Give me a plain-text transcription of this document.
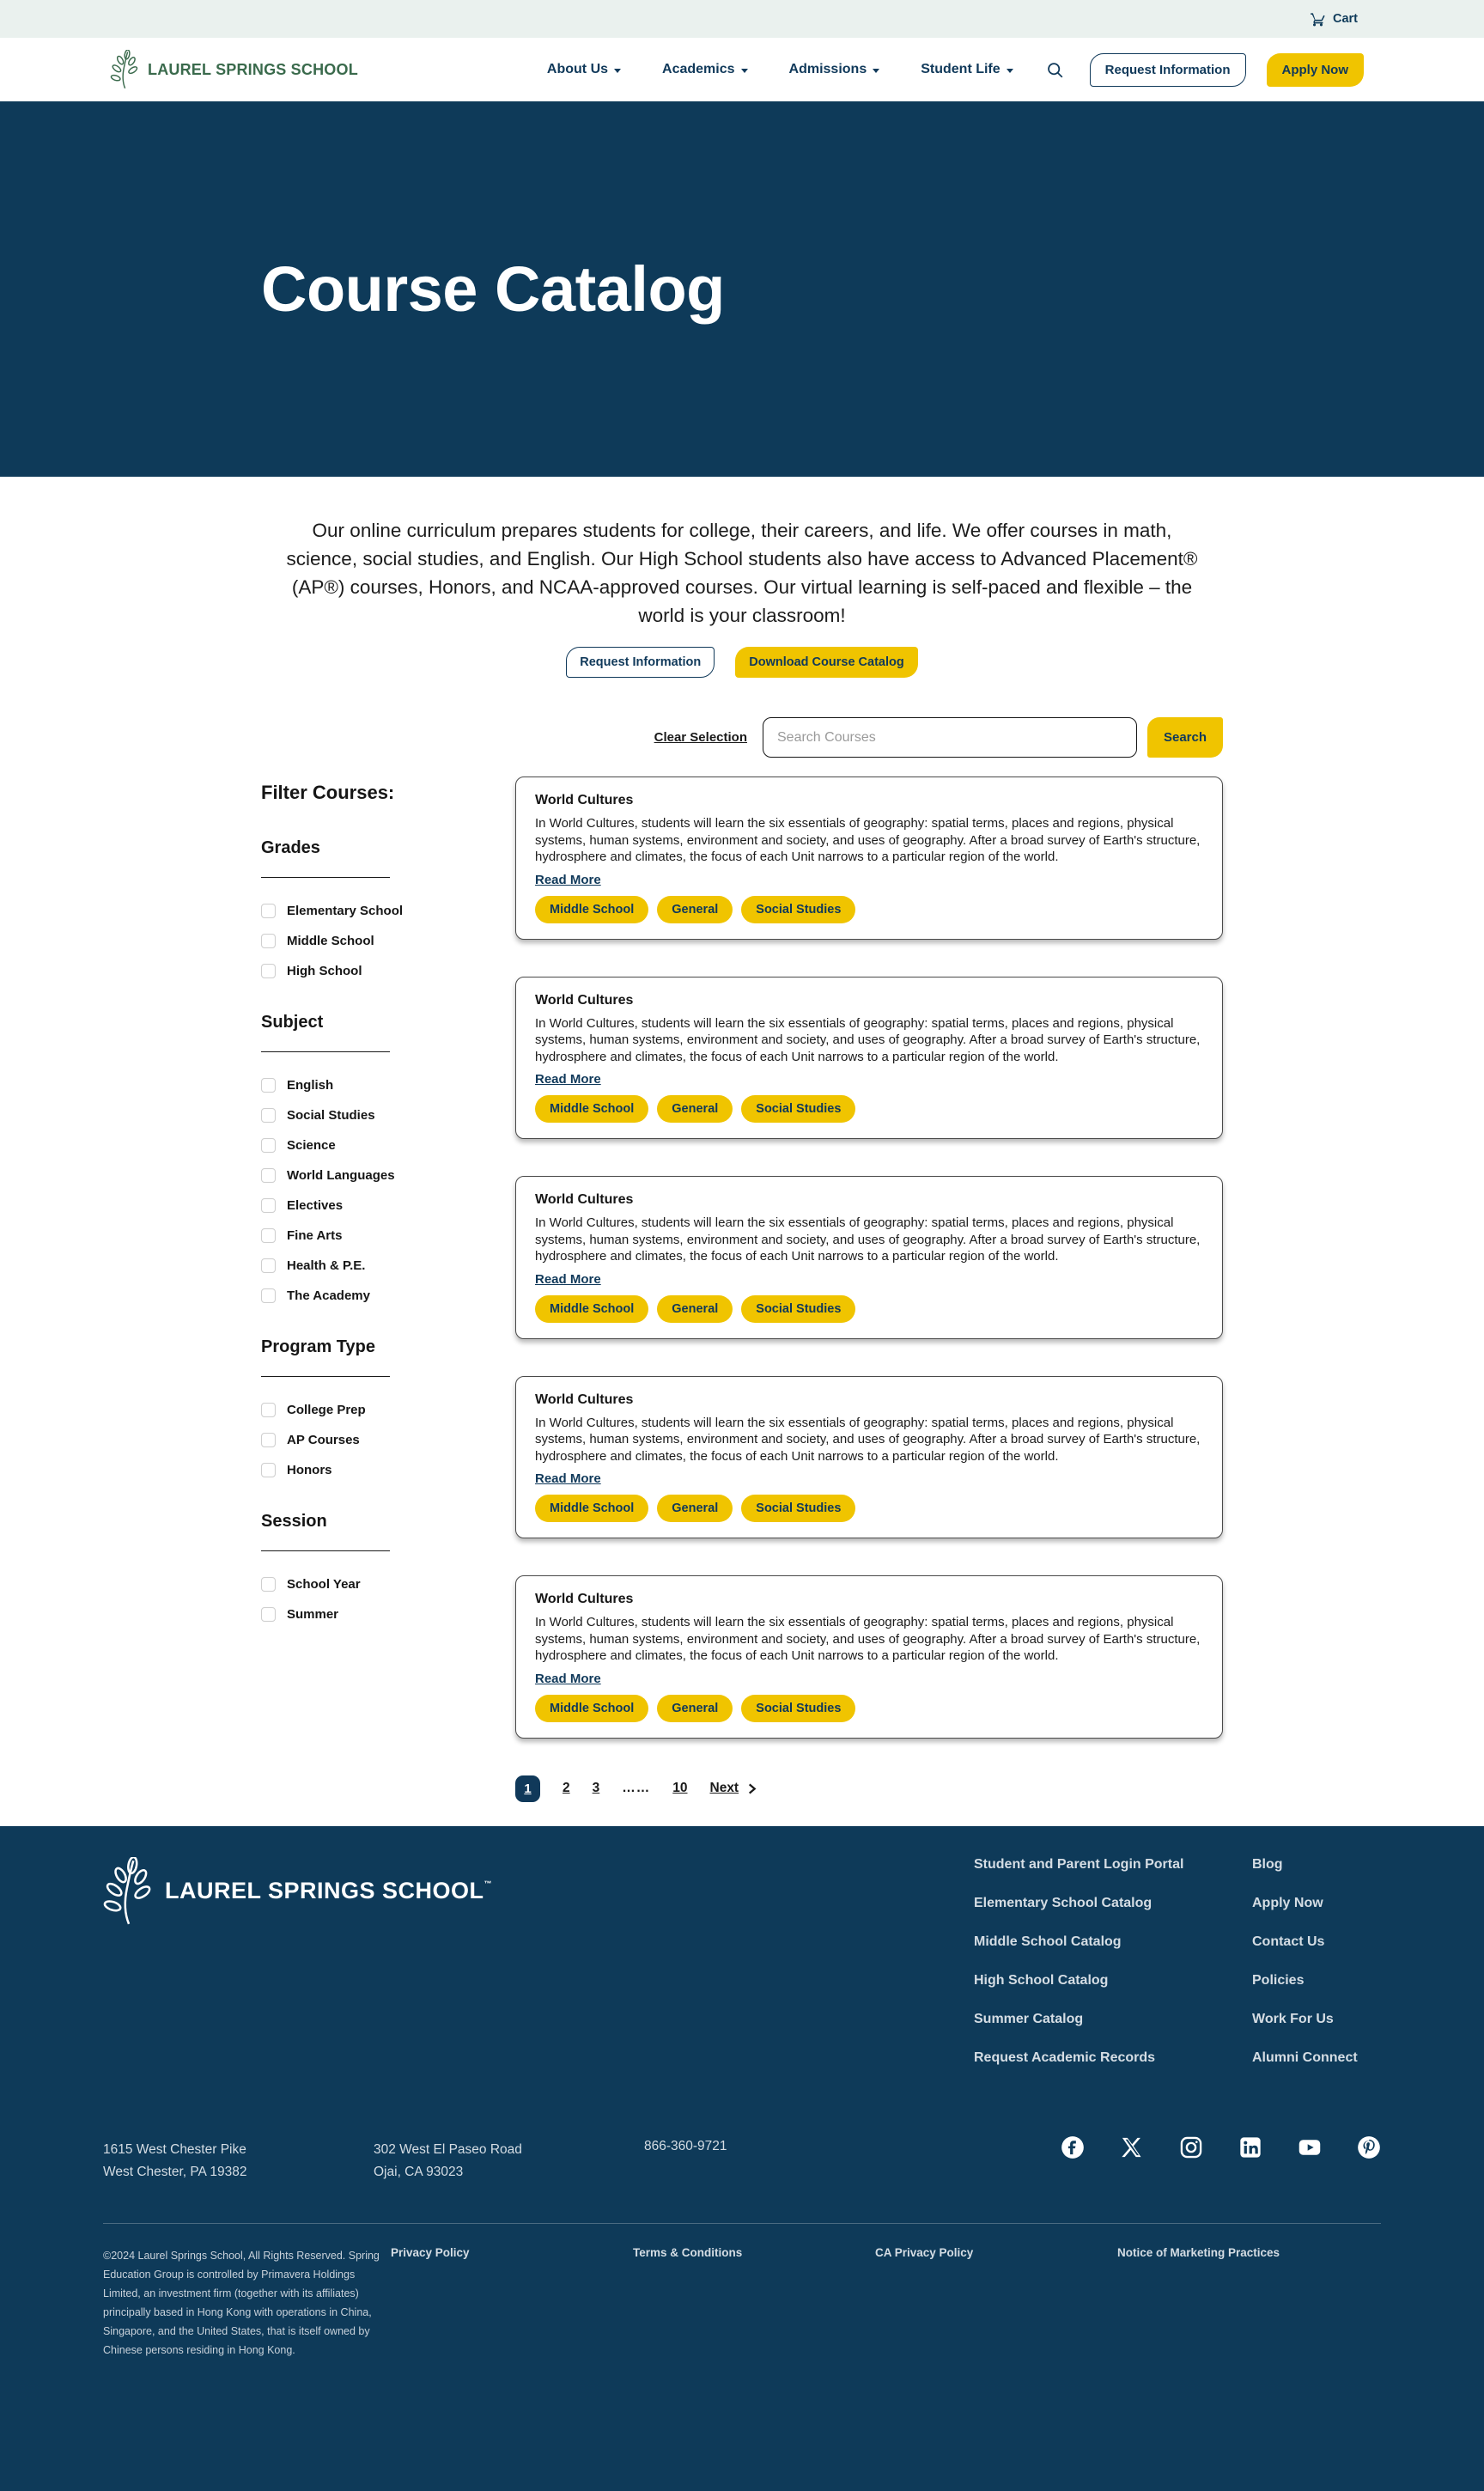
Cart
LAUREL SPRINGS SCHOOL	About Us	Academics	Admissions	Student Life	Request Information	Apply Now
Course Catalog

Our online curriculum prepares students for college, their careers, and life. We offer courses in math, science, social studies, and English. Our High School students also have access to Advanced Placement® (AP®) courses, Honors, and NCAA-approved courses. Our virtual learning is self-paced and flexible – the world is your classroom!

Request Information	Download Course Catalog
Clear Selection
Search Courses	Search
Filter Courses:
Grades
Elementary School
Middle School
High School
Subject
English
Social Studies
Science
World Languages
Electives
Fine Arts
Health & P.E.
The Academy
Program Type
College Prep
AP Courses
Honors
Session
School Year
Summer
World Cultures

In World Cultures, students will learn the six essentials of geography: spatial terms, places and regions, physical systems, human systems, environment and society, and uses of geography. After a broad survey of Earth's structure, hydrosphere and climates, the focus of each Unit narrows to a particular region of the world.

Read More
Middle School	General	Social Studies
World Cultures

In World Cultures, students will learn the six essentials of geography: spatial terms, places and regions, physical systems, human systems, environment and society, and uses of geography. After a broad survey of Earth's structure, hydrosphere and climates, the focus of each Unit narrows to a particular region of the world.

Read More
Middle School	General	Social Studies
World Cultures

In World Cultures, students will learn the six essentials of geography: spatial terms, places and regions, physical systems, human systems, environment and society, and uses of geography. After a broad survey of Earth's structure, hydrosphere and climates, the focus of each Unit narrows to a particular region of the world.

Read More
Middle School	General	Social Studies
World Cultures

In World Cultures, students will learn the six essentials of geography: spatial terms, places and regions, physical systems, human systems, environment and society, and uses of geography. After a broad survey of Earth's structure, hydrosphere and climates, the focus of each Unit narrows to a particular region of the world.

Read More
Middle School	General	Social Studies
World Cultures

In World Cultures, students will learn the six essentials of geography: spatial terms, places and regions, physical systems, human systems, environment and society, and uses of geography. After a broad survey of Earth's structure, hydrosphere and climates, the focus of each Unit narrows to a particular region of the world.

Read More
Middle School	General	Social Studies
1	2 3 …… 10 Next
LAUREL SPRINGS SCHOOL™
Student and Parent Login Portal
Elementary School Catalog
Middle School Catalog
High School Catalog
Summer Catalog
Request Academic Records
Blog
Apply Now
Contact Us
Policies
Work For Us
Alumni Connect
1615 West Chester Pike
West Chester, PA 19382
302 West El Paseo Road
Ojai, CA 93023
866-360-9721
©2024 Laurel Springs School, All Rights Reserved. Spring Education Group is controlled by Primavera Holdings Limited, an investment firm (together with its affiliates) principally based in Hong Kong with operations in China, Singapore, and the United States, that is itself owned by Chinese persons residing in Hong Kong.
Privacy Policy	Terms & Conditions	CA Privacy Policy	Notice of Marketing Practices
